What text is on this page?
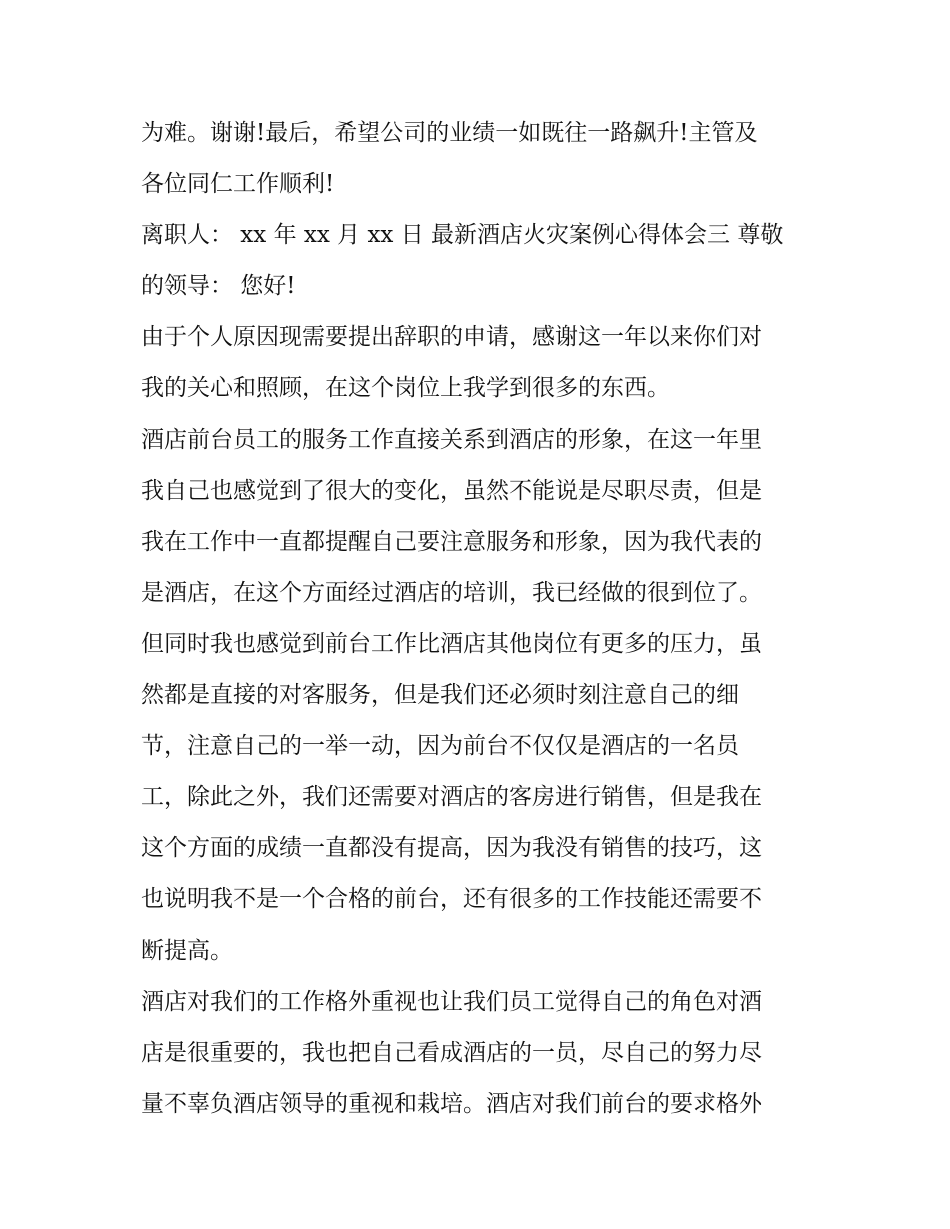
为难。谢谢!最后，希望公司的业绩一如既往一路飙升!主管及
各位同仁工作顺利!
离职人： xx 年 xx 月 xx 日 最新酒店火灾案例心得体会三 尊敬
的领导： 您好!
由于个人原因现需要提出辞职的申请，感谢这一年以来你们对
我的关心和照顾，在这个岗位上我学到很多的东西。
酒店前台员工的服务工作直接关系到酒店的形象，在这一年里
我自己也感觉到了很大的变化，虽然不能说是尽职尽责，但是
我在工作中一直都提醒自己要注意服务和形象，因为我代表的
是酒店，在这个方面经过酒店的培训，我已经做的很到位了。
但同时我也感觉到前台工作比酒店其他岗位有更多的压力，虽
然都是直接的对客服务，但是我们还必须时刻注意自己的细
节，注意自己的一举一动，因为前台不仅仅是酒店的一名员
工，除此之外，我们还需要对酒店的客房进行销售，但是我在
这个方面的成绩一直都没有提高，因为我没有销售的技巧，这
也说明我不是一个合格的前台，还有很多的工作技能还需要不
断提高。
酒店对我们的工作格外重视也让我们员工觉得自己的角色对酒
店是很重要的，我也把自己看成酒店的一员，尽自己的努力尽
量不辜负酒店领导的重视和栽培。酒店对我们前台的要求格外
